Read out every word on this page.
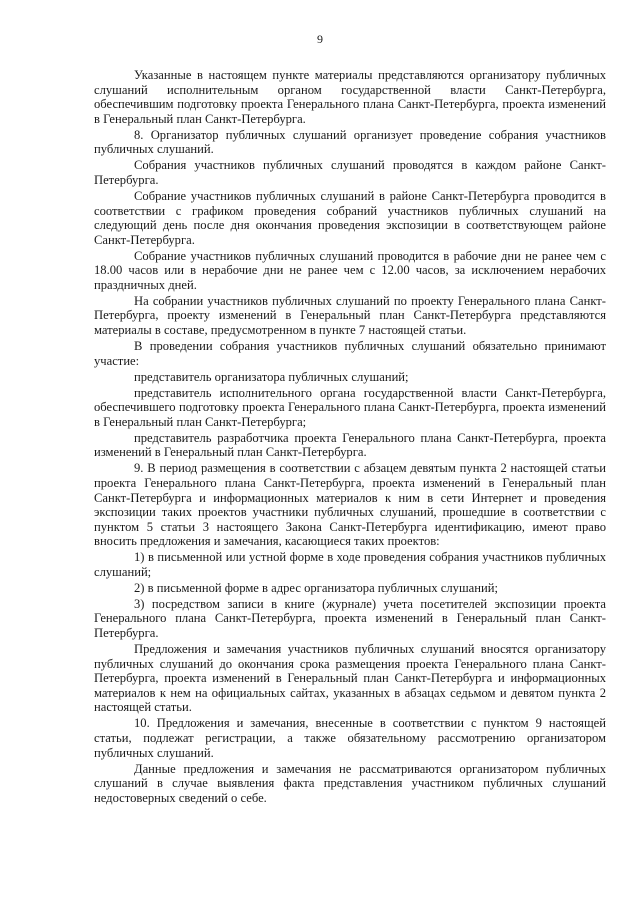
9

Указанные в настоящем пункте материалы представляются организатору публичных слушаний исполнительным органом государственной власти Санкт-Петербурга, обеспечившим подготовку проекта Генерального плана Санкт-Петербурга, проекта изменений в Генеральный план Санкт-Петербурга.

8. Организатор публичных слушаний организует проведение собрания участников публичных слушаний.

Собрания участников публичных слушаний проводятся в каждом районе Санкт-Петербурга.

Собрание участников публичных слушаний в районе Санкт-Петербурга проводится в соответствии с графиком проведения собраний участников публичных слушаний на следующий день после дня окончания проведения экспозиции в соответствующем районе Санкт-Петербурга.

Собрание участников публичных слушаний проводится в рабочие дни не ранее чем с 18.00 часов или в нерабочие дни не ранее чем с 12.00 часов, за исключением нерабочих праздничных дней.

На собрании участников публичных слушаний по проекту Генерального плана Санкт-Петербурга, проекту изменений в Генеральный план Санкт-Петербурга представляются материалы в составе, предусмотренном в пункте 7 настоящей статьи.

В проведении собрания участников публичных слушаний обязательно принимают участие:

представитель организатора публичных слушаний;

представитель исполнительного органа государственной власти Санкт-Петербурга, обеспечившего подготовку проекта Генерального плана Санкт-Петербурга, проекта изменений в Генеральный план Санкт-Петербурга;

представитель разработчика проекта Генерального плана Санкт-Петербурга, проекта изменений в Генеральный план Санкт-Петербурга.

9. В период размещения в соответствии с абзацем девятым пункта 2 настоящей статьи проекта Генерального плана Санкт-Петербурга, проекта изменений в Генеральный план Санкт-Петербурга и информационных материалов к ним в сети Интернет и проведения экспозиции таких проектов участники публичных слушаний, прошедшие в соответствии с пунктом 5 статьи 3 настоящего Закона Санкт-Петербурга идентификацию, имеют право вносить предложения и замечания, касающиеся таких проектов:

1) в письменной или устной форме в ходе проведения собрания участников публичных слушаний;

2) в письменной форме в адрес организатора публичных слушаний;

3) посредством записи в книге (журнале) учета посетителей экспозиции проекта Генерального плана Санкт-Петербурга, проекта изменений в Генеральный план Санкт-Петербурга.

Предложения и замечания участников публичных слушаний вносятся организатору публичных слушаний до окончания срока размещения проекта Генерального плана Санкт-Петербурга, проекта изменений в Генеральный план Санкт-Петербурга и информационных материалов к нем на официальных сайтах, указанных в абзацах седьмом и девятом пункта 2 настоящей статьи.

10. Предложения и замечания, внесенные в соответствии с пунктом 9 настоящей статьи, подлежат регистрации, а также обязательному рассмотрению организатором публичных слушаний.

Данные предложения и замечания не рассматриваются организатором публичных слушаний в случае выявления факта представления участником публичных слушаний недостоверных сведений о себе.
